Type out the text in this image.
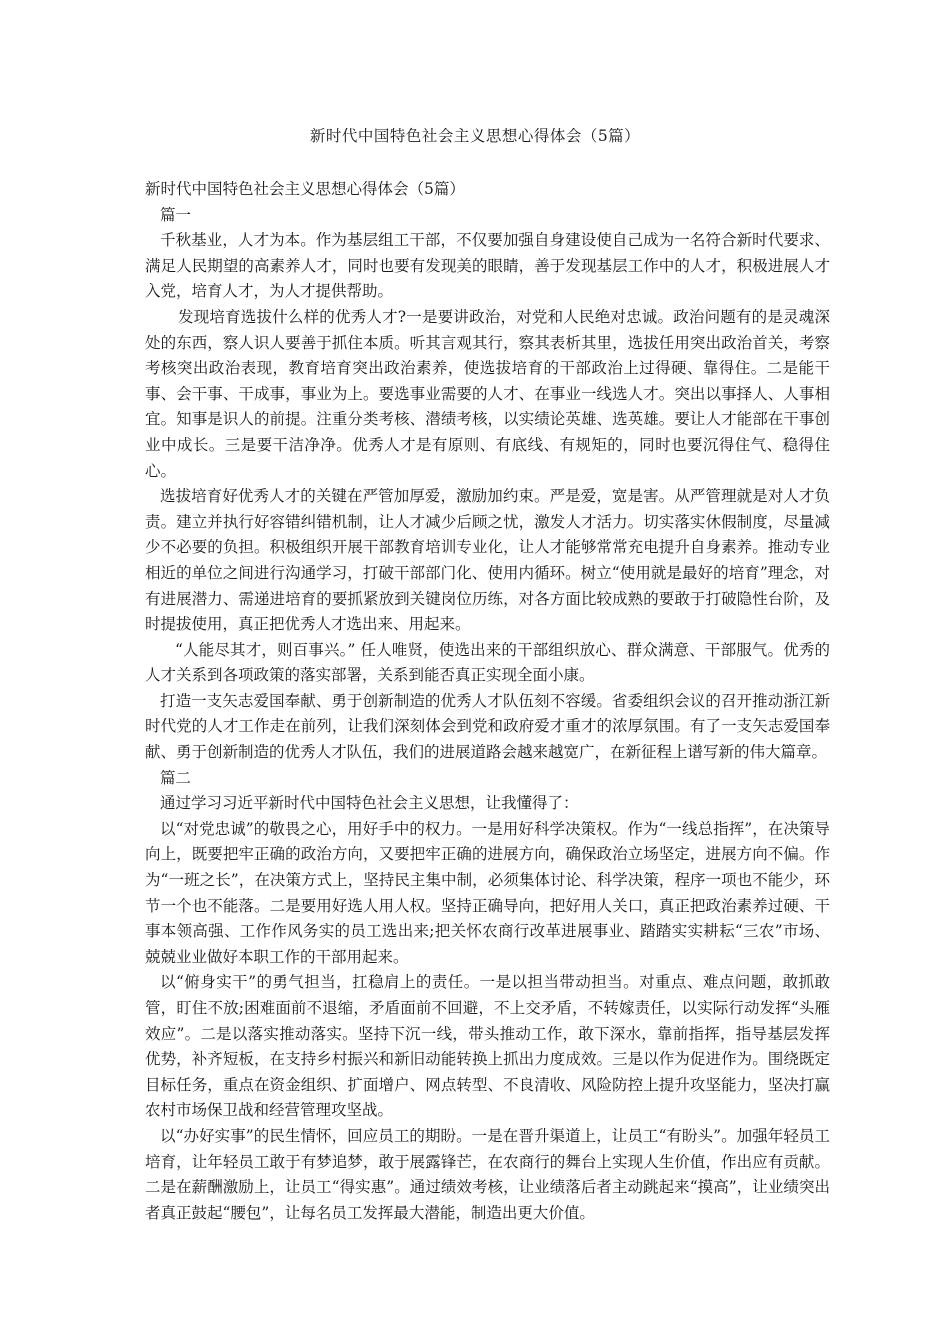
新时代中国特色社会主义思想心得体会（5篇）

新时代中国特色社会主义思想心得体会（5篇）

篇一

千秋基业，人才为本。作为基层组工干部，不仅要加强自身建设使自己成为一名符合新时代要求、满足人民期望的高素养人才，同时也要有发现美的眼睛，善于发现基层工作中的人才，积极进展人才入党，培育人才，为人才提供帮助。

发现培育选拔什么样的优秀人才?一是要讲政治，对党和人民绝对忠诚。政治问题有的是灵魂深处的东西，察人识人要善于抓住本质。听其言观其行，察其表析其里，选拔任用突出政治首关，考察考核突出政治表现，教育培育突出政治素养，使选拔培育的干部政治上过得硬、靠得住。二是能干事、会干事、干成事，事业为上。要选事业需要的人才、在事业一线选人才。突出以事择人、人事相宜。知事是识人的前提。注重分类考核、潜绩考核，以实绩论英雄、选英雄。要让人才能部在干事创业中成长。三是要干洁净净。优秀人才是有原则、有底线、有规矩的，同时也要沉得住气、稳得住心。

选拔培育好优秀人才的关键在严管加厚爱，激励加约束。严是爱，宽是害。从严管理就是对人才负责。建立并执行好容错纠错机制，让人才减少后顾之忧，激发人才活力。切实落实休假制度，尽量减少不必要的负担。积极组织开展干部教育培训专业化，让人才能够常常充电提升自身素养。推动专业相近的单位之间进行沟通学习，打破干部部门化、使用内循环。树立“使用就是最好的培育”理念，对有进展潜力、需递进培育的要抓紧放到关键岗位历练，对各方面比较成熟的要敢于打破隐性台阶，及时提拔使用，真正把优秀人才选出来、用起来。

“人能尽其才，则百事兴。” 任人唯贤，使选出来的干部组织放心、群众满意、干部服气。优秀的人才关系到各项政策的落实部署，关系到能否真正实现全面小康。

打造一支矢志爱国奉献、勇于创新制造的优秀人才队伍刻不容缓。省委组织会议的召开推动浙江新时代党的人才工作走在前列，让我们深刻体会到党和政府爱才重才的浓厚氛围。有了一支矢志爱国奉献、勇于创新制造的优秀人才队伍，我们的进展道路会越来越宽广，在新征程上谱写新的伟大篇章。

篇二

通过学习习近平新时代中国特色社会主义思想，让我懂得了：

以“对党忠诚”的敬畏之心，用好手中的权力。一是用好科学决策权。作为“一线总指挥”，在决策导向上，既要把牢正确的政治方向，又要把牢正确的进展方向，确保政治立场坚定，进展方向不偏。作为“一班之长”，在决策方式上，坚持民主集中制，必须集体讨论、科学决策，程序一项也不能少，环节一个也不能落。二是要用好选人用人权。坚持正确导向，把好用人关口，真正把政治素养过硬、干事本领高强、工作作风务实的员工选出来;把关怀农商行改革进展事业、踏踏实实耕耘“三农”市场、兢兢业业做好本职工作的干部用起来。

以“俯身实干”的勇气担当，扛稳肩上的责任。一是以担当带动担当。对重点、难点问题，敢抓敢管，盯住不放;困难面前不退缩，矛盾面前不回避，不上交矛盾，不转嫁责任，以实际行动发挥“头雁效应”。二是以落实推动落实。坚持下沉一线，带头推动工作，敢下深水，靠前指挥，指导基层发挥优势，补齐短板，在支持乡村振兴和新旧动能转换上抓出力度成效。三是以作为促进作为。围绕既定目标任务，重点在资金组织、扩面增户、网点转型、不良清收、风险防控上提升攻坚能力，坚决打赢农村市场保卫战和经营管理攻坚战。

以“办好实事”的民生情怀，回应员工的期盼。一是在晋升渠道上，让员工“有盼头”。加强年轻员工培育，让年轻员工敢于有梦追梦，敢于展露锋芒，在农商行的舞台上实现人生价值，作出应有贡献。二是在薪酬激励上，让员工“得实惠”。通过绩效考核，让业绩落后者主动跳起来“摸高”，让业绩突出者真正鼓起“腰包”，让每名员工发挥最大潜能，制造出更大价值。
